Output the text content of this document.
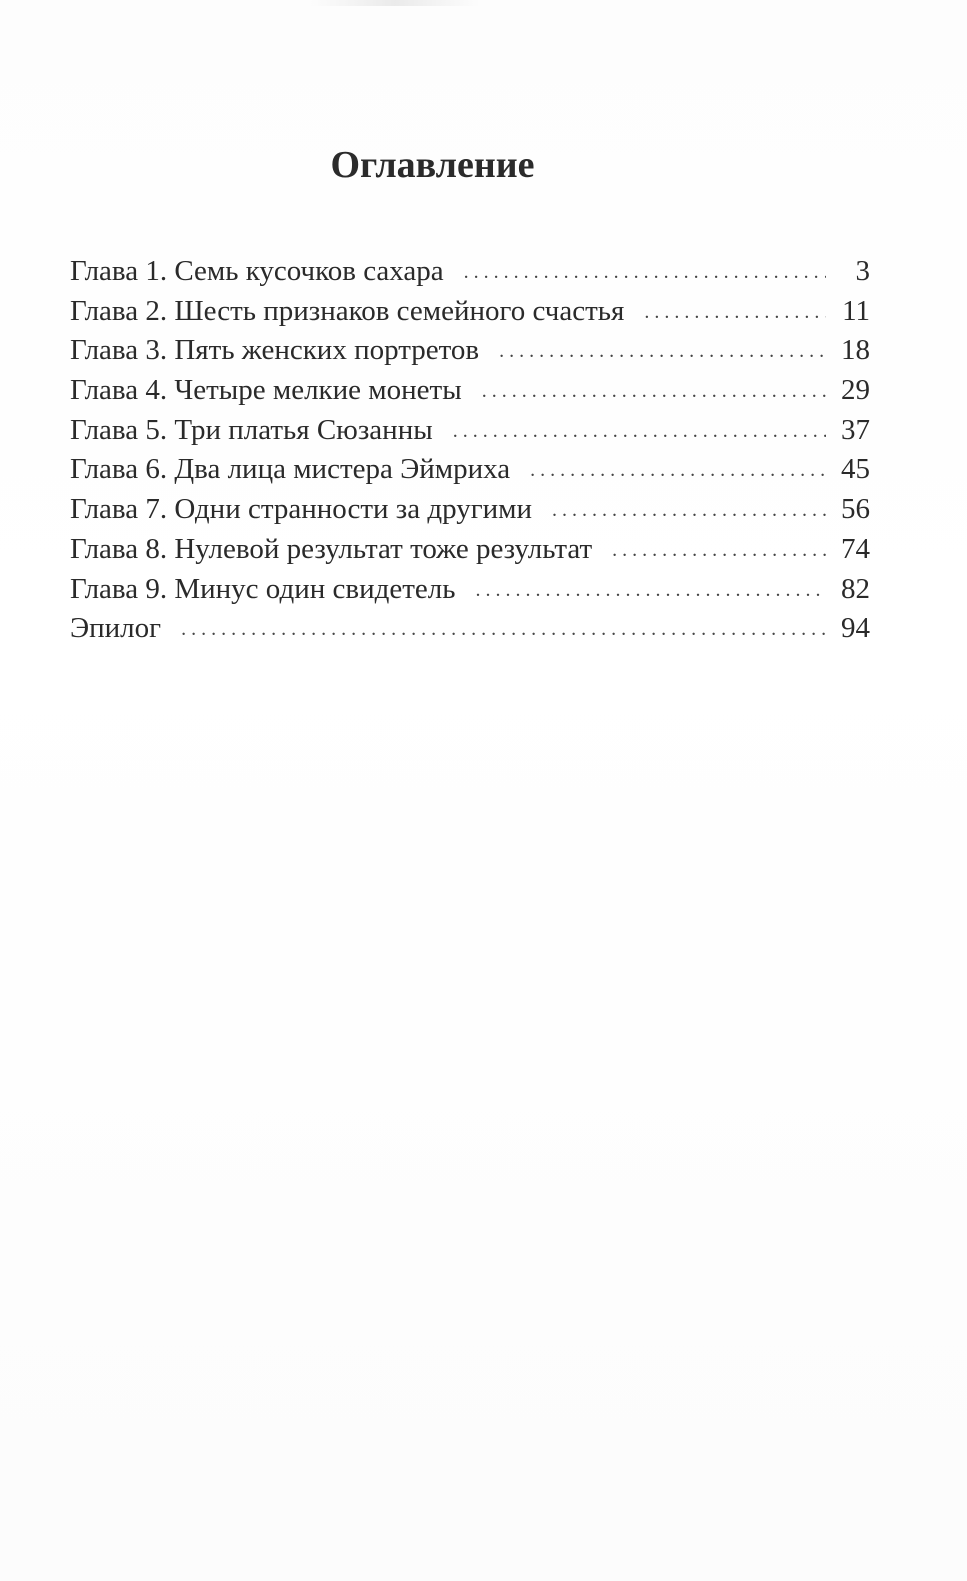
Оглавление
Глава 1. Семь кусочков сахара . . .	3
Глава 2. Шесть признаков семейного счастья . . .	11
Глава 3. Пять женских портретов . . .	18
Глава 4. Четыре мелкие монеты . . .	29
Глава 5. Три платья Сюзанны . . .	37
Глава 6. Два лица мистера Эймриха . . .	45
Глава 7. Одни странности за другими . . .	56
Глава 8. Нулевой результат тоже результат . . .	74
Глава 9. Минус один свидетель . . .	82
Эпилог . . .	94
